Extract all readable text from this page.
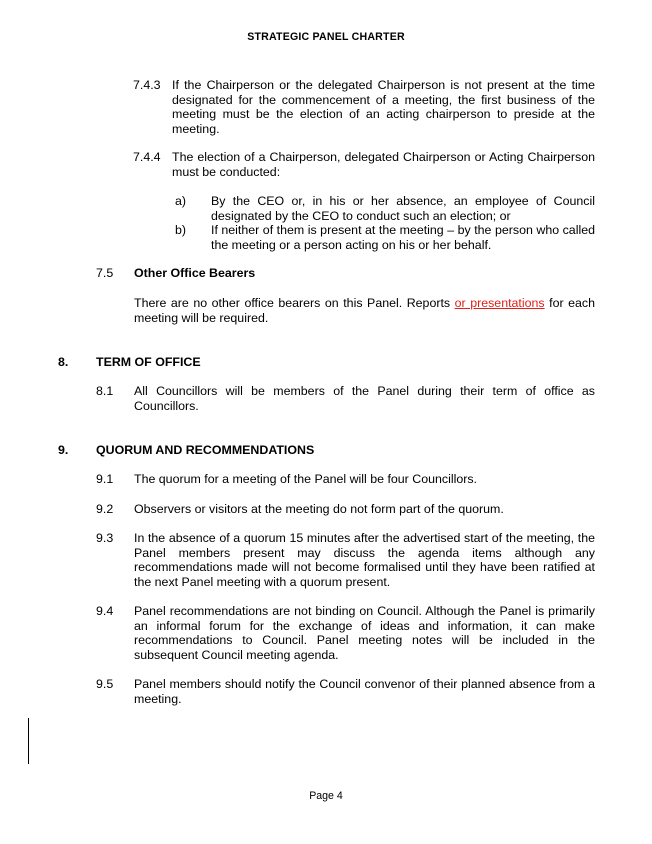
STRATEGIC PANEL CHARTER
7.4.3 If the Chairperson or the delegated Chairperson is not present at the time designated for the commencement of a meeting, the first business of the meeting must be the election of an acting chairperson to preside at the meeting.
7.4.4 The election of a Chairperson, delegated Chairperson or Acting Chairperson must be conducted:
a) By the CEO or, in his or her absence, an employee of Council designated by the CEO to conduct such an election; or
b) If neither of them is present at the meeting – by the person who called the meeting or a person acting on his or her behalf.
7.5 Other Office Bearers
There are no other office bearers on this Panel. Reports or presentations for each meeting will be required.
8. TERM OF OFFICE
8.1 All Councillors will be members of the Panel during their term of office as Councillors.
9. QUORUM AND RECOMMENDATIONS
9.1 The quorum for a meeting of the Panel will be four Councillors.
9.2 Observers or visitors at the meeting do not form part of the quorum.
9.3 In the absence of a quorum 15 minutes after the advertised start of the meeting, the Panel members present may discuss the agenda items although any recommendations made will not become formalised until they have been ratified at the next Panel meeting with a quorum present.
9.4 Panel recommendations are not binding on Council. Although the Panel is primarily an informal forum for the exchange of ideas and information, it can make recommendations to Council. Panel meeting notes will be included in the subsequent Council meeting agenda.
9.5 Panel members should notify the Council convenor of their planned absence from a meeting.
Page 4
